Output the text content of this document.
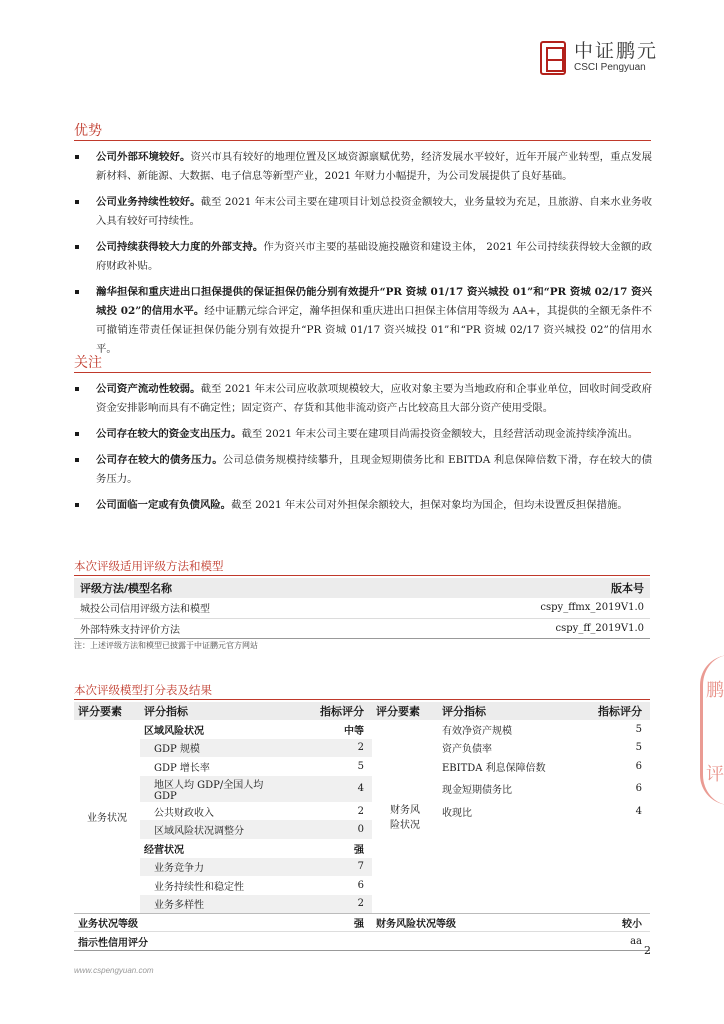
中证鹏元
CSCI Pengyuan
优势
公司外部环境较好。资兴市具有较好的地理位置及区域资源禀赋优势，经济发展水平较好，近年开展产业转型，重点发展新材料、新能源、大数据、电子信息等新型产业，2021 年财力小幅提升，为公司发展提供了良好基础。
公司业务持续性较好。截至 2021 年末公司主要在建项目计划总投资金额较大，业务量较为充足，且旅游、自来水业务收入具有较好可持续性。
公司持续获得较大力度的外部支持。作为资兴市主要的基础设施投融资和建设主体， 2021 年公司持续获得较大金额的政府财政补贴。
瀚华担保和重庆进出口担保提供的保证担保仍能分别有效提升“PR 资城 01/17 资兴城投 01”和“PR 资城 02/17 资兴城投 02”的信用水平。经中证鹏元综合评定，瀚华担保和重庆进出口担保主体信用等级为 AA+，其提供的全额无条件不可撤销连带责任保证担保仍能分别有效提升“PR 资城 01/17 资兴城投 01”和“PR 资城 02/17 资兴城投 02”的信用水平。
关注
公司资产流动性较弱。截至 2021 年末公司应收款项规模较大，应收对象主要为当地政府和企事业单位，回收时间受政府资金安排影响而具有不确定性；固定资产、存货和其他非流动资产占比较高且大部分资产使用受限。
公司存在较大的资金支出压力。截至 2021 年末公司主要在建项目尚需投资金额较大，且经营活动现金流持续净流出。
公司存在较大的债务压力。公司总债务规模持续攀升，且现金短期债务比和 EBITDA 利息保障倍数下滑，存在较大的债务压力。
公司面临一定或有负债风险。截至 2021 年末公司对外担保余额较大，担保对象均为国企，但均未设置反担保措施。
本次评级适用评级方法和模型
评级方法/模型名称	版本号
城投公司信用评级方法和模型	cspy_ffmx_2019V1.0
外部特殊支持评价方法	cspy_ff_2019V1.0
注：上述评级方法和模型已披露于中证鹏元官方网站
本次评级模型打分表及结果
评分要素	评分指标	指标评分	评分要素	评分指标	指标评分
业务状况	区域风险状况	中等	财务风险状况	有效净资产规模	5
	GDP 规模	2		资产负债率	5
	GDP 增长率	5		EBITDA 利息保障倍数	6
	地区人均 GDP/全国人均 GDP	4		现金短期债务比	6
	公共财政收入	2		收现比	4
	区域风险状况调整分	0			
	经营状况	强			
	业务竞争力	7			
	业务持续性和稳定性	6			
	业务多样性	2			
业务状况等级		强	财务风险状况等级		较小
指示性信用评分					aa
鹏
评
2
www.cspengyuan.com
